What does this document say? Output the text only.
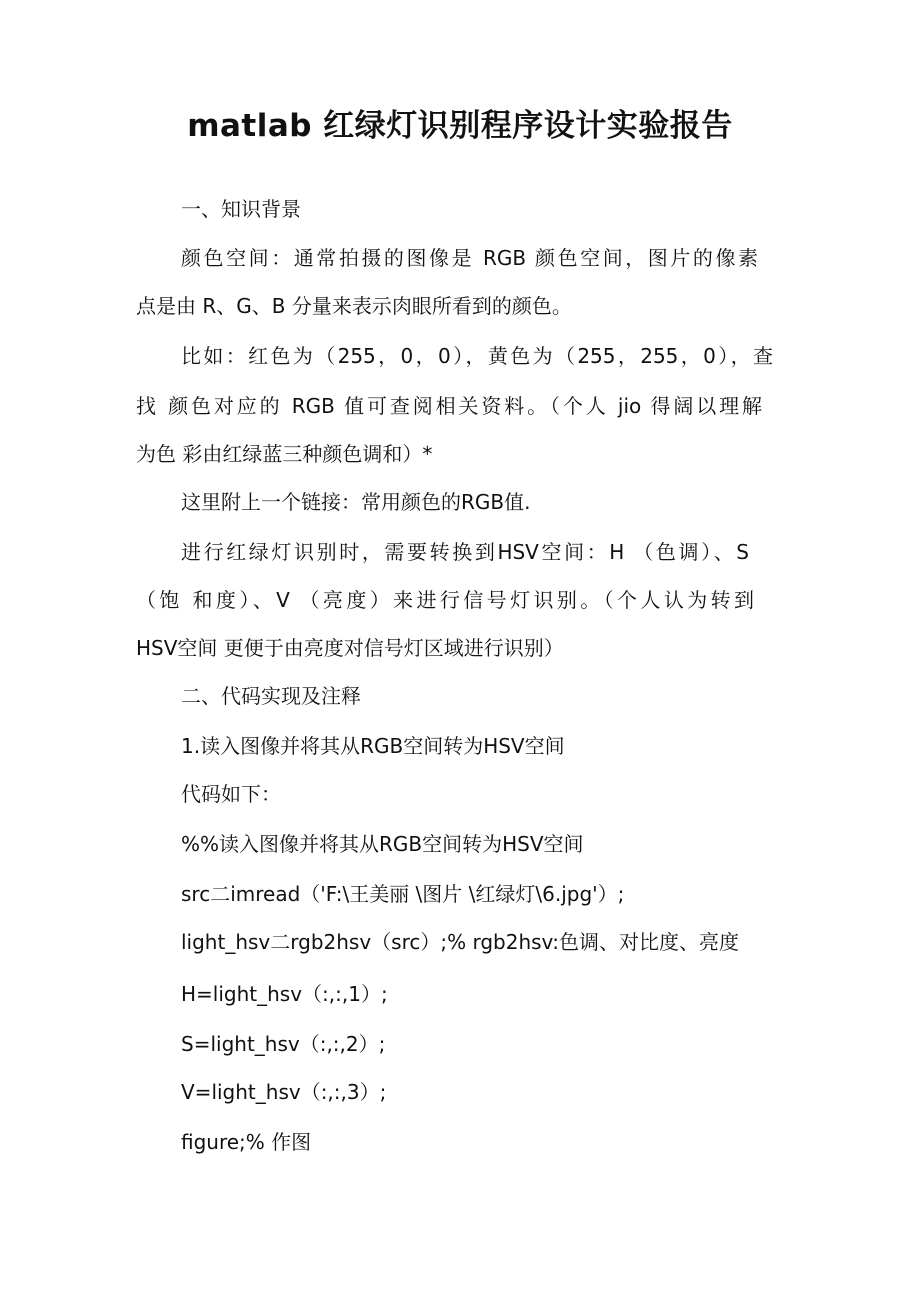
matlab 红绿灯识别程序设计实验报告
一、知识背景
颜色空间：通常拍摄的图像是 RGB 颜色空间，图片的像素
点是由 R、G、B 分量来表示肉眼所看到的颜色。
比如：红色为（255，0，0），黄色为（255，255，0），查
找 颜色对应的 RGB 值可查阅相关资料。（个人 jio 得阔以理解
为色 彩由红绿蓝三种颜色调和）*
这里附上一个链接：常用颜色的RGB值.
进行红绿灯识别时，需要转换到HSV空间：H （色调）、S
（饱 和度）、V （亮度）来进行信号灯识别。（个人认为转到
HSV空间 更便于由亮度对信号灯区域进行识别）
二、代码实现及注释
1.读入图像并将其从RGB空间转为HSV空间
代码如下：
%%读入图像并将其从RGB空间转为HSV空间
src二imread（'F:\王美丽 \图片 \红绿灯\6.jpg'）;
light_hsv二rgb2hsv（src）;% rgb2hsv:色调、对比度、亮度
H=light_hsv（:,:,1）;
S=light_hsv（:,:,2）;
V=light_hsv（:,:,3）;
figure;% 作图
